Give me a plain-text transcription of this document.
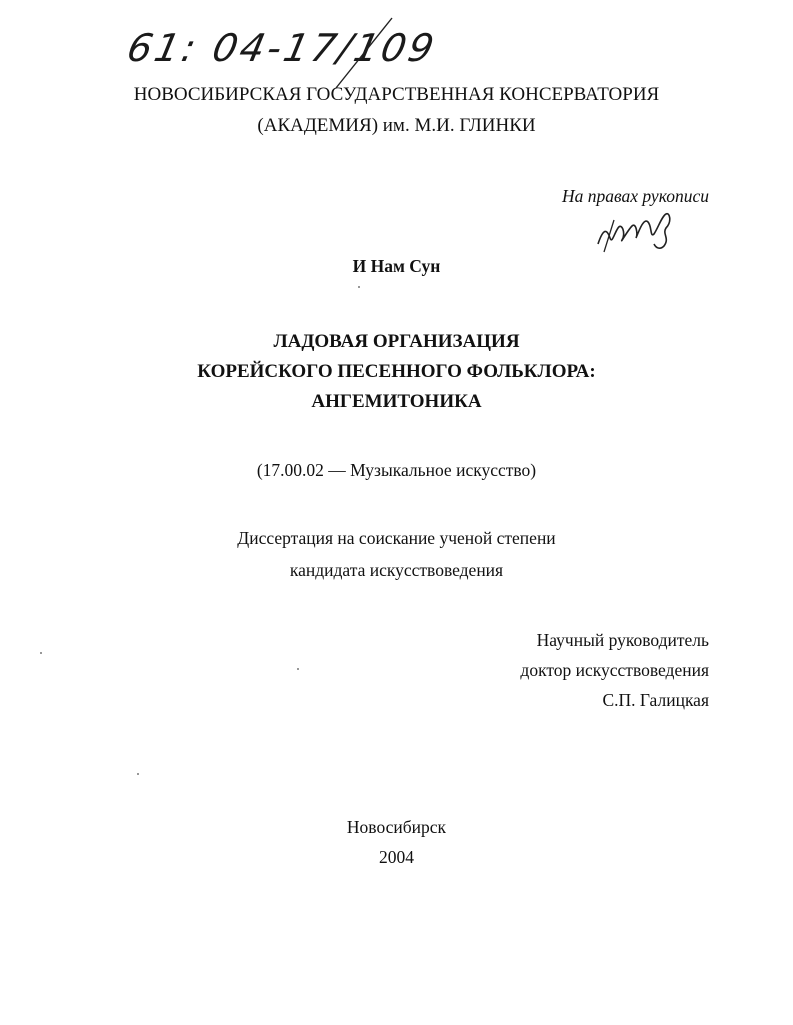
61: 04-17/109
НОВОСИБИРСКАЯ ГОСУДАРСТВЕННАЯ КОНСЕРВАТОРИЯ
(АКАДЕМИЯ) им. М.И. ГЛИНКИ
На правах рукописи
И Нам Сун
ЛАДОВАЯ ОРГАНИЗАЦИЯ
КОРЕЙСКОГО ПЕСЕННОГО ФОЛЬКЛОРА:
АНГЕМИТОНИКА
(17.00.02 — Музыкальное искусство)
Диссертация на соискание ученой степени
кандидата искусствоведения
Научный руководитель
доктор искусствоведения
С.П. Галицкая
Новосибирск
2004
